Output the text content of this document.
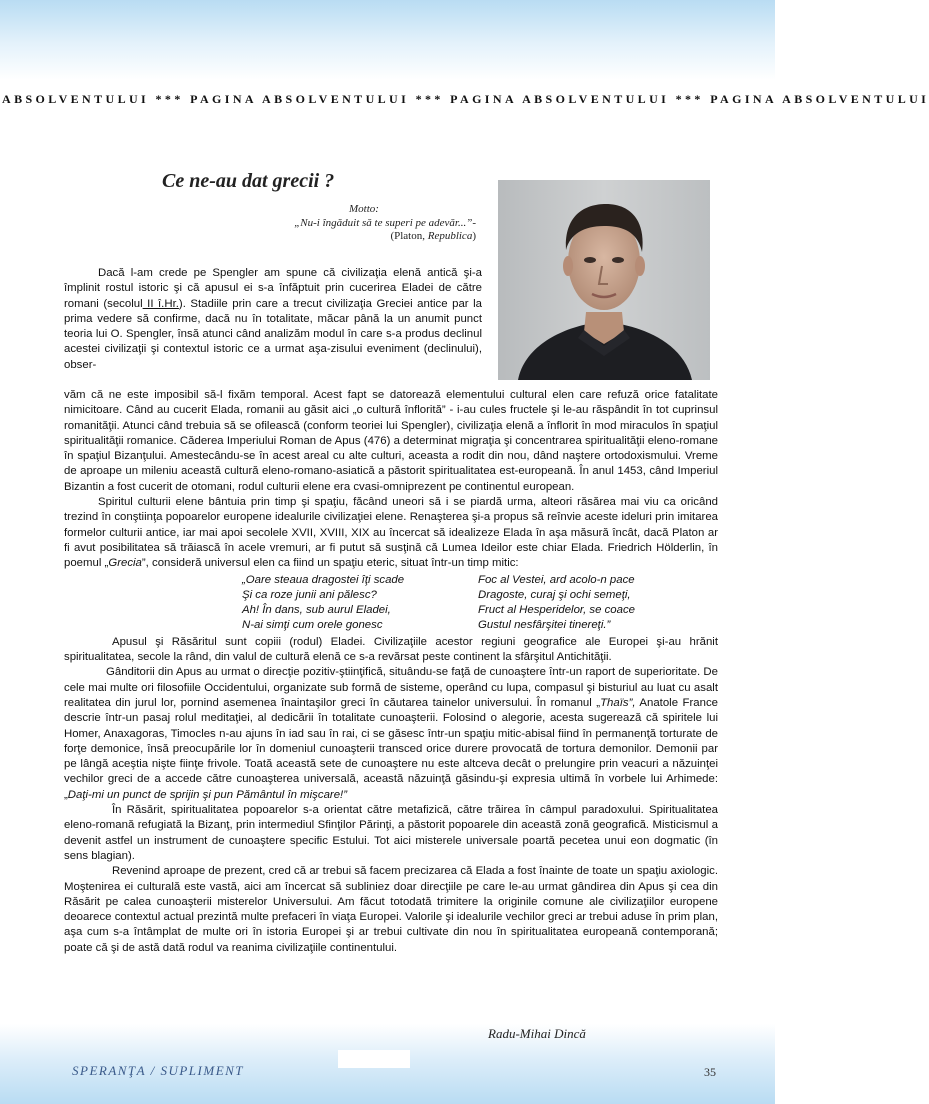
ABSOLVENTULUI *** PAGINA ABSOLVENTULUI *** PAGINA ABSOLVENTULUI *** PAGINA ABSOLVENTULUI
Ce ne-au dat grecii ?
Motto:
„Nu-i îngăduit să te superi pe adevăr...”-
(Platon, Republica)

Dacă l-am crede pe Spengler am spune că civilizaţia elenă antică şi-a împlinit rostul istoric şi că apusul ei s-a înfăptuit prin cucerirea Eladei de către romani (secolul II î.Hr.). Stadiile prin care a trecut civilizaţia Greciei antice par la prima vedere să confirme, dacă nu în totalitate, măcar până la un anumit punct teoria lui O. Spengler, însă atunci când analizăm modul în care s-a produs declinul acestei civilizaţii şi contextul istoric ce a urmat aşa-zisului eveniment (declinului), obser-

văm că ne este imposibil să-l fixăm temporal. Acest fapt se datorează elementului cultural elen care refuză orice fatalitate nimicitoare. Când au cucerit Elada, romanii au găsit aici „o cultură înflorită” - i-au cules fructele şi le-au răspândit în tot cuprinsul romanităţii. Atunci când trebuia să se ofilească (conform teoriei lui Spengler), civilizaţia elenă a înflorit în mod miraculos în spaţiul spiritualităţii romanice. Căderea Imperiului Roman de Apus (476) a determinat migraţia şi concentrarea spiritualităţii eleno-romane în spaţiul Bizanţului. Amestecându-se în acest areal cu alte culturi, aceasta a rodit din nou, dând naştere ortodoxismului. Vreme de aproape un mileniu această cultură eleno-romano-asiatică a păstorit spiritualitatea est-europeană. În anul 1453, când Imperiul Bizantin a fost cucerit de otomani, rodul culturii elene era cvasi-omniprezent pe continentul european.

Spiritul culturii elene bântuia prin timp şi spaţiu, făcând uneori să i se piardă urma, alteori răsărea mai viu ca oricând trezind în conştiinţa popoarelor europene idealurile civilizaţiei elene. Renaşterea şi-a propus să reînvie aceste ideluri prin imitarea formelor culturii antice, iar mai apoi secolele XVII, XVIII, XIX au încercat să idealizeze Elada în aşa măsură încât, dacă Platon ar fi avut posibilitatea să trăiască în acele vremuri, ar fi putut să susţină că Lumea Ideilor este chiar Elada. Friedrich Hölderlin, în poemul „Grecia”, consideră universul elen ca fiind un spaţiu eteric, situat într-un timp mitic:

„Oare steaua dragostei îţi scade
Şi ca roze junii ani pălesc?
Ah! În dans, sub aurul Eladei,
N-ai simţi cum orele gonesc
Foc al Vestei, ard acolo-n pace
Dragoste, curaj şi ochi semeţi,
Fruct al Hesperidelor, se coace
Gustul nesfârşitei tinereţi.”

Apusul şi Răsăritul sunt copiii (rodul) Eladei. Civilizaţiile acestor regiuni geografice ale Europei şi-au hrănit spiritualitatea, secole la rând, din valul de cultură elenă ce s-a revărsat peste continent la sfârşitul Antichităţii.

Gânditorii din Apus au urmat o direcţie pozitiv-ştiinţifică, situându-se faţă de cunoaştere într-un raport de superioritate. De cele mai multe ori filosofiile Occidentului, organizate sub formă de sisteme, operând cu lupa, compasul şi bisturiul au luat cu asalt realitatea din jurul lor, pornind asemenea înaintaşilor greci în căutarea tainelor universului. În romanul „Thaïs”, Anatole France descrie într-un pasaj rolul meditaţiei, al dedicării în totalitate cunoaşterii. Folosind o alegorie, acesta sugerează că spiritele lui Homer, Anaxagoras, Timocles n-au ajuns în iad sau în rai, ci se găsesc într-un spaţiu mitic-abisal fiind în permanenţă torturate de forţe demonice, însă preocupările lor în domeniul cunoaşterii transced orice durere provocată de tortura demonilor. Demonii par pe lângă aceştia nişte fiinţe frivole. Toată această sete de cunoaştere nu este altceva decât o prelungire prin veacuri a năzuinţei vechilor greci de a accede către cunoaşterea universală, această năzuinţă găsindu-şi expresia ultimă în vorbele lui Arhimede: „Daţi-mi un punct de sprijin şi pun Pământul în mişcare!”

În Răsărit, spiritualitatea popoarelor s-a orientat către metafizică, către trăirea în câmpul paradoxului. Spiritualitatea eleno-romană refugiată la Bizanţ, prin intermediul Sfinţilor Părinţi, a păstorit popoarele din această zonă geografică. Misticismul a devenit astfel un instrument de cunoaştere specific Estului. Tot aici misterele universale poartă pecetea unui eon dogmatic (în sens blagian).

Revenind aproape de prezent, cred că ar trebui să facem precizarea că Elada a fost înainte de toate un spaţiu axiologic. Moştenirea ei culturală este vastă, aici am încercat să subliniez doar direcţiile pe care le-au urmat gândirea din Apus şi cea din Răsărit pe calea cunoaşterii misterelor Universului. Am făcut totodată trimitere la originile comune ale civilizaţiilor europene deoarece contextul actual prezintă multe prefaceri în viaţa Europei. Valorile şi idealurile vechilor greci ar trebui aduse în prim plan, aşa cum s-a întâmplat de multe ori în istoria Europei şi ar trebui cultivate din nou în spiritualitatea europeană contemporană; poate că şi de astă dată rodul va reanima civilizaţiile continentului.

Radu-Mihai Dincă
SPERANŢA / SUPLIMENT	35
